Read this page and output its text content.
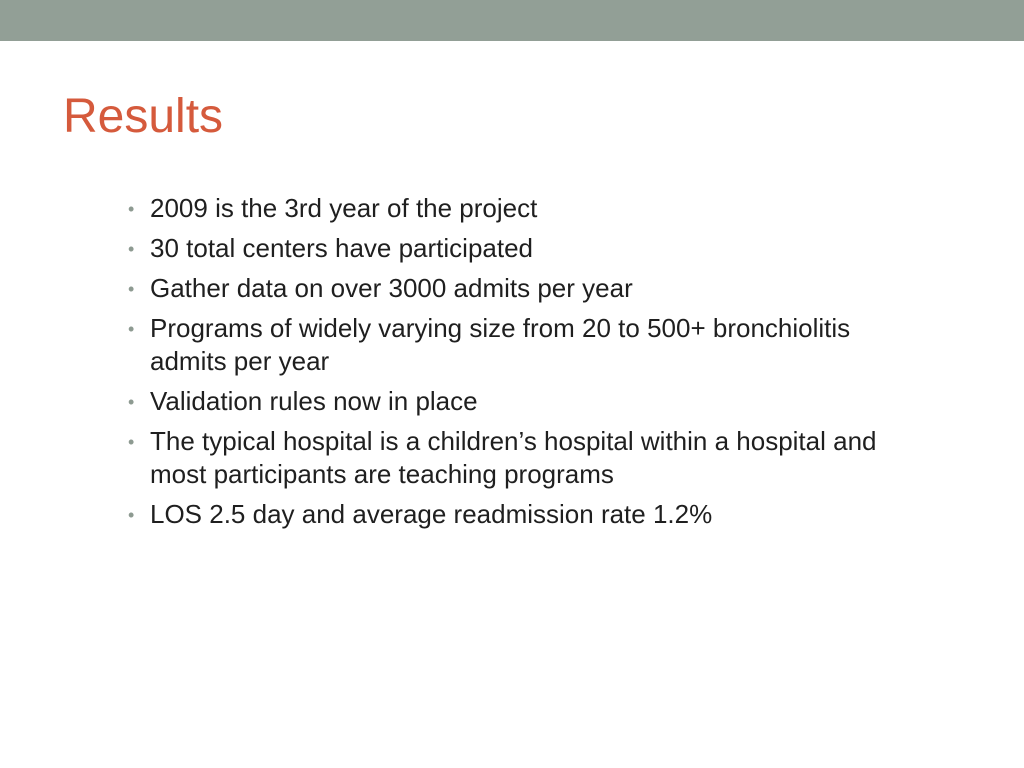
Results
• 2009 is the 3rd year of the project
• 30 total centers have participated
• Gather data on over 3000 admits per year
• Programs of widely varying size from 20 to 500+ bronchiolitis admits per year
• Validation rules now in place
• The typical hospital is a children’s hospital within a hospital and most participants are teaching programs
• LOS 2.5 day and average readmission rate 1.2%
